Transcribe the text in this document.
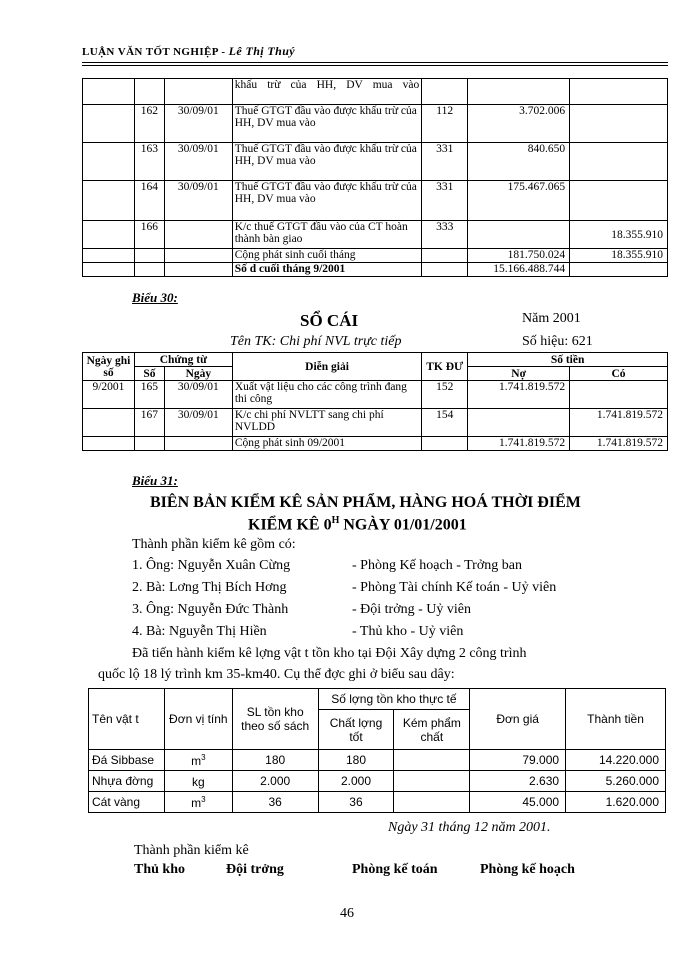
LUẬN VĂN TỐT NGHIỆP - Lê Thị Thuý
			khấu trừ của HH, DV mua vào			
	162	30/09/01	Thuế GTGT đầu vào được khấu trừ của HH, DV mua vào	112	3.702.006	
	163	30/09/01	Thuế GTGT đầu vào được khấu trừ của HH, DV mua vào	331	840.650	
	164	30/09/01	Thuế GTGT đầu vào được khấu trừ của HH, DV mua vào	331	175.467.065	
	166		K/c thuế GTGT đầu vào của CT hoàn thành bàn giao	333		18.355.910
			Cộng phát sinh cuối tháng		181.750.024	18.355.910
			Số d cuối tháng 9/2001		15.166.488.744	
Biểu 30:
SỔ CÁI	Năm 2001
Tên TK: Chi phí NVL trực tiếp	Số hiệu: 621
Ngày ghi số	Chứng từ		Diễn giải	TK ĐƯ	Số tiền	
	Số	Ngày			Nợ	Có
9/2001	165	30/09/01	Xuất vật liệu cho các công trình đang thi công	152	1.741.819.572	
	167	30/09/01	K/c chi phí NVLTT sang chi phí NVLDD	154		1.741.819.572
			Cộng phát sinh 09/2001		1.741.819.572	1.741.819.572
Biểu 31:
BIÊN BẢN KIỂM KÊ SẢN PHẨM, HÀNG HOÁ THỜI ĐIỂM
KIỂM KÊ $0^H$ NGÀY 01/01/2001
Thành phần kiểm kê gồm có:
1. Ông: Nguyễn Xuân Cừng	- Phòng Kế hoạch - Trởng ban
2. Bà: Lơng Thị Bích Hơng	- Phòng Tài chính Kế toán - Uỷ viên
3. Ông: Nguyễn Đức Thành	- Đội trởng - Uỷ viên
4. Bà: Nguyễn Thị Hiền	- Thủ kho - Uỷ viên
Đã tiến hành kiểm kê lợng vật t tồn kho tại Đội Xây dựng 2 công trình
quốc lộ 18 lý trình km 35-km40. Cụ thể đợc ghi ở biểu sau dây:
Tên vật t	Đơn vị tính	SL tồn kho theo số sách	Số lợng tồn kho thực tế		Đơn giá	Thành tiền
			Chất lợng tốt	Kém phẩm chất		
Đá Sibbase	$m^3$	180	180		79.000	14.220.000
Nhựa đờng	kg	2.000	2.000		2.630	5.260.000
Cát vàng	$m^3$	36	36		45.000	1.620.000
Ngày 31 tháng 12 năm 2001.
Thành phần kiểm kê
Thủ kho	Đội trởng	Phòng kế toán	Phòng kế hoạch
46
